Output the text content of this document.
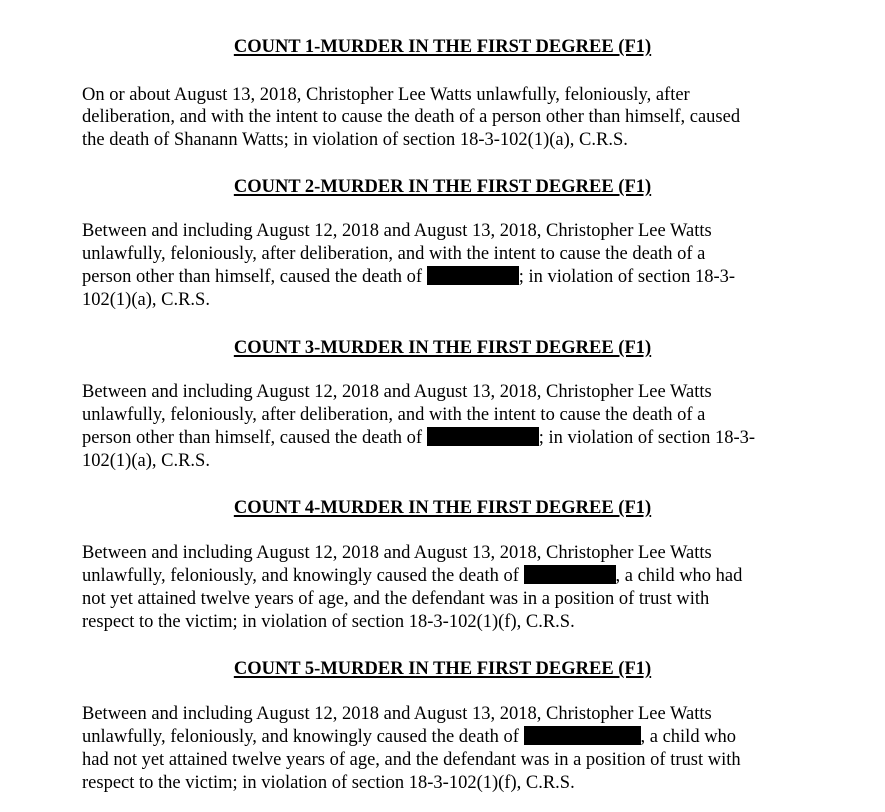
COUNT 1-MURDER IN THE FIRST DEGREE (F1)
On or about August 13, 2018, Christopher Lee Watts unlawfully, feloniously, after
deliberation, and with the intent to cause the death of a person other than himself, caused
the death of Shanann Watts; in violation of section 18-3-102(1)(a), C.R.S.
COUNT 2-MURDER IN THE FIRST DEGREE (F1)
Between and including August 12, 2018 and August 13, 2018, Christopher Lee Watts
unlawfully, feloniously, after deliberation, and with the intent to cause the death of a
person other than himself, caused the death of	; in violation of section 18-3-
102(1)(a), C.R.S.
COUNT 3-MURDER IN THE FIRST DEGREE (F1)
Between and including August 12, 2018 and August 13, 2018, Christopher Lee Watts
unlawfully, feloniously, after deliberation, and with the intent to cause the death of a
person other than himself, caused the death of	; in violation of section 18-3-
102(1)(a), C.R.S.
COUNT 4-MURDER IN THE FIRST DEGREE (F1)
Between and including August 12, 2018 and August 13, 2018, Christopher Lee Watts
unlawfully, feloniously, and knowingly caused the death of	, a child who had
not yet attained twelve years of age, and the defendant was in a position of trust with
respect to the victim; in violation of section 18-3-102(1)(f), C.R.S.
COUNT 5-MURDER IN THE FIRST DEGREE (F1)
Between and including August 12, 2018 and August 13, 2018, Christopher Lee Watts
unlawfully, feloniously, and knowingly caused the death of	, a child who
had not yet attained twelve years of age, and the defendant was in a position of trust with
respect to the victim; in violation of section 18-3-102(1)(f), C.R.S.
